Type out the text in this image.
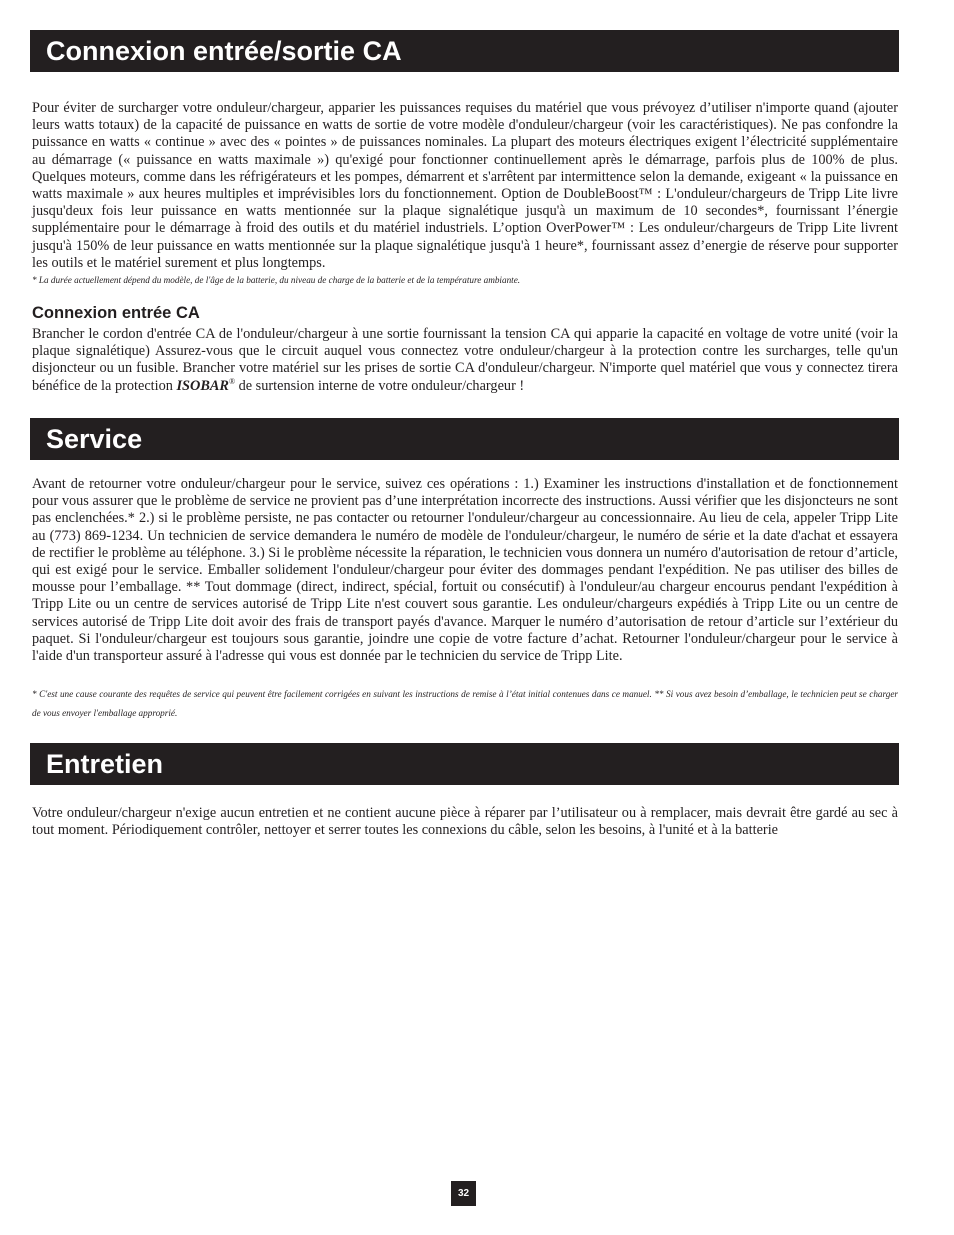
Connexion entrée/sortie CA

Pour éviter de surcharger votre onduleur/chargeur, apparier les puissances requises du matériel que vous prévoyez d’utiliser n'importe quand (ajouter leurs watts totaux) de la capacité de puissance en watts de sortie de votre modèle d'onduleur/chargeur (voir les caractéristiques). Ne pas confondre la puissance en watts « continue » avec des « pointes » de puissances nominales. La plupart des moteurs électriques exigent l’électricité supplémentaire au démarrage (« puissance en watts maximale ») qu'exigé pour fonctionner continuellement après le démarrage, parfois plus de 100% de plus. Quelques moteurs, comme dans les réfrigérateurs et les pompes, démarrent et s'arrêtent par intermittence selon la demande, exigeant « la puissance en watts maximale » aux heures multiples et imprévisibles lors du fonctionnement. Option de DoubleBoost™ : L'onduleur/chargeurs de Tripp Lite livre jusqu'deux fois leur puissance en watts mentionnée sur la plaque signalétique jusqu'à un maximum de 10 secondes*, fournissant l’énergie supplémentaire pour le démarrage à froid des outils et du matériel industriels. L’option OverPower™ : Les onduleur/chargeurs de Tripp Lite livrent jusqu'à 150% de leur puissance en watts mentionnée sur la plaque signalétique jusqu'à 1 heure*, fournissant assez d’energie de réserve pour supporter les outils et le matériel surement et plus longtemps.

* La durée actuellement dépend du modèle, de l'âge de la batterie, du niveau de charge de la batterie et de la température ambiante.

Connexion entrée CA

Brancher le cordon d'entrée CA de l'onduleur/chargeur à une sortie fournissant la tension CA qui apparie la capacité en voltage de votre unité (voir la plaque signalétique) Assurez-vous que le circuit auquel vous connectez votre onduleur/chargeur à la protection contre les surcharges, telle qu'un disjoncteur ou un fusible. Brancher votre matériel sur les prises de sortie CA d'onduleur/chargeur. N'importe quel matériel que vous y connectez tirera bénéfice de la protection ISOBAR® de surtension interne de votre onduleur/chargeur !

Service

Avant de retourner votre onduleur/chargeur pour le service, suivez ces opérations : 1.) Examiner les instructions d'installation et de fonctionnement pour vous assurer que le problème de service ne provient pas d’une interprétation incorrecte des instructions. Aussi vérifier que les disjoncteurs ne sont pas enclenchées.* 2.) si le problème persiste, ne pas contacter ou retourner l'onduleur/chargeur au concessionnaire. Au lieu de cela, appeler Tripp Lite au (773) 869-1234. Un technicien de service demandera le numéro de modèle de l'onduleur/chargeur, le numéro de série et la date d'achat et essayera de rectifier le problème au téléphone. 3.) Si le problème nécessite la réparation, le technicien vous donnera un numéro d'autorisation de retour d’article, qui est exigé pour le service. Emballer solidement l'onduleur/chargeur pour éviter des dommages pendant l'expédition. Ne pas utiliser des billes de mousse pour l’emballage. ** Tout dommage (direct, indirect, spécial, fortuit ou consécutif) à l'onduleur/au chargeur encourus pendant l'expédition à Tripp Lite ou un centre de services autorisé de Tripp Lite n'est couvert sous garantie. Les onduleur/chargeurs expédiés à Tripp Lite ou un centre de services autorisé de Tripp Lite doit avoir des frais de transport payés d'avance. Marquer le numéro d’autorisation de retour d’article sur l’extérieur du paquet. Si l'onduleur/chargeur est toujours sous garantie, joindre une copie de votre facture d’achat. Retourner l'onduleur/chargeur pour le service à l'aide d'un transporteur assuré à l'adresse qui vous est donnée par le technicien du service de Tripp Lite.

* C'est une cause courante des requêtes de service qui peuvent être facilement corrigées en suivant les instructions de remise à l’état initial contenues dans ce manuel. ** Si vous avez besoin d’emballage, le technicien peut se charger de vous envoyer l'emballage approprié.

Entretien

Votre onduleur/chargeur n'exige aucun entretien et ne contient aucune pièce à réparer par l’utilisateur ou à remplacer, mais devrait être gardé au sec à tout moment. Périodiquement contrôler, nettoyer et serrer toutes les connexions du câble, selon les besoins, à l'unité et à la batterie

32
